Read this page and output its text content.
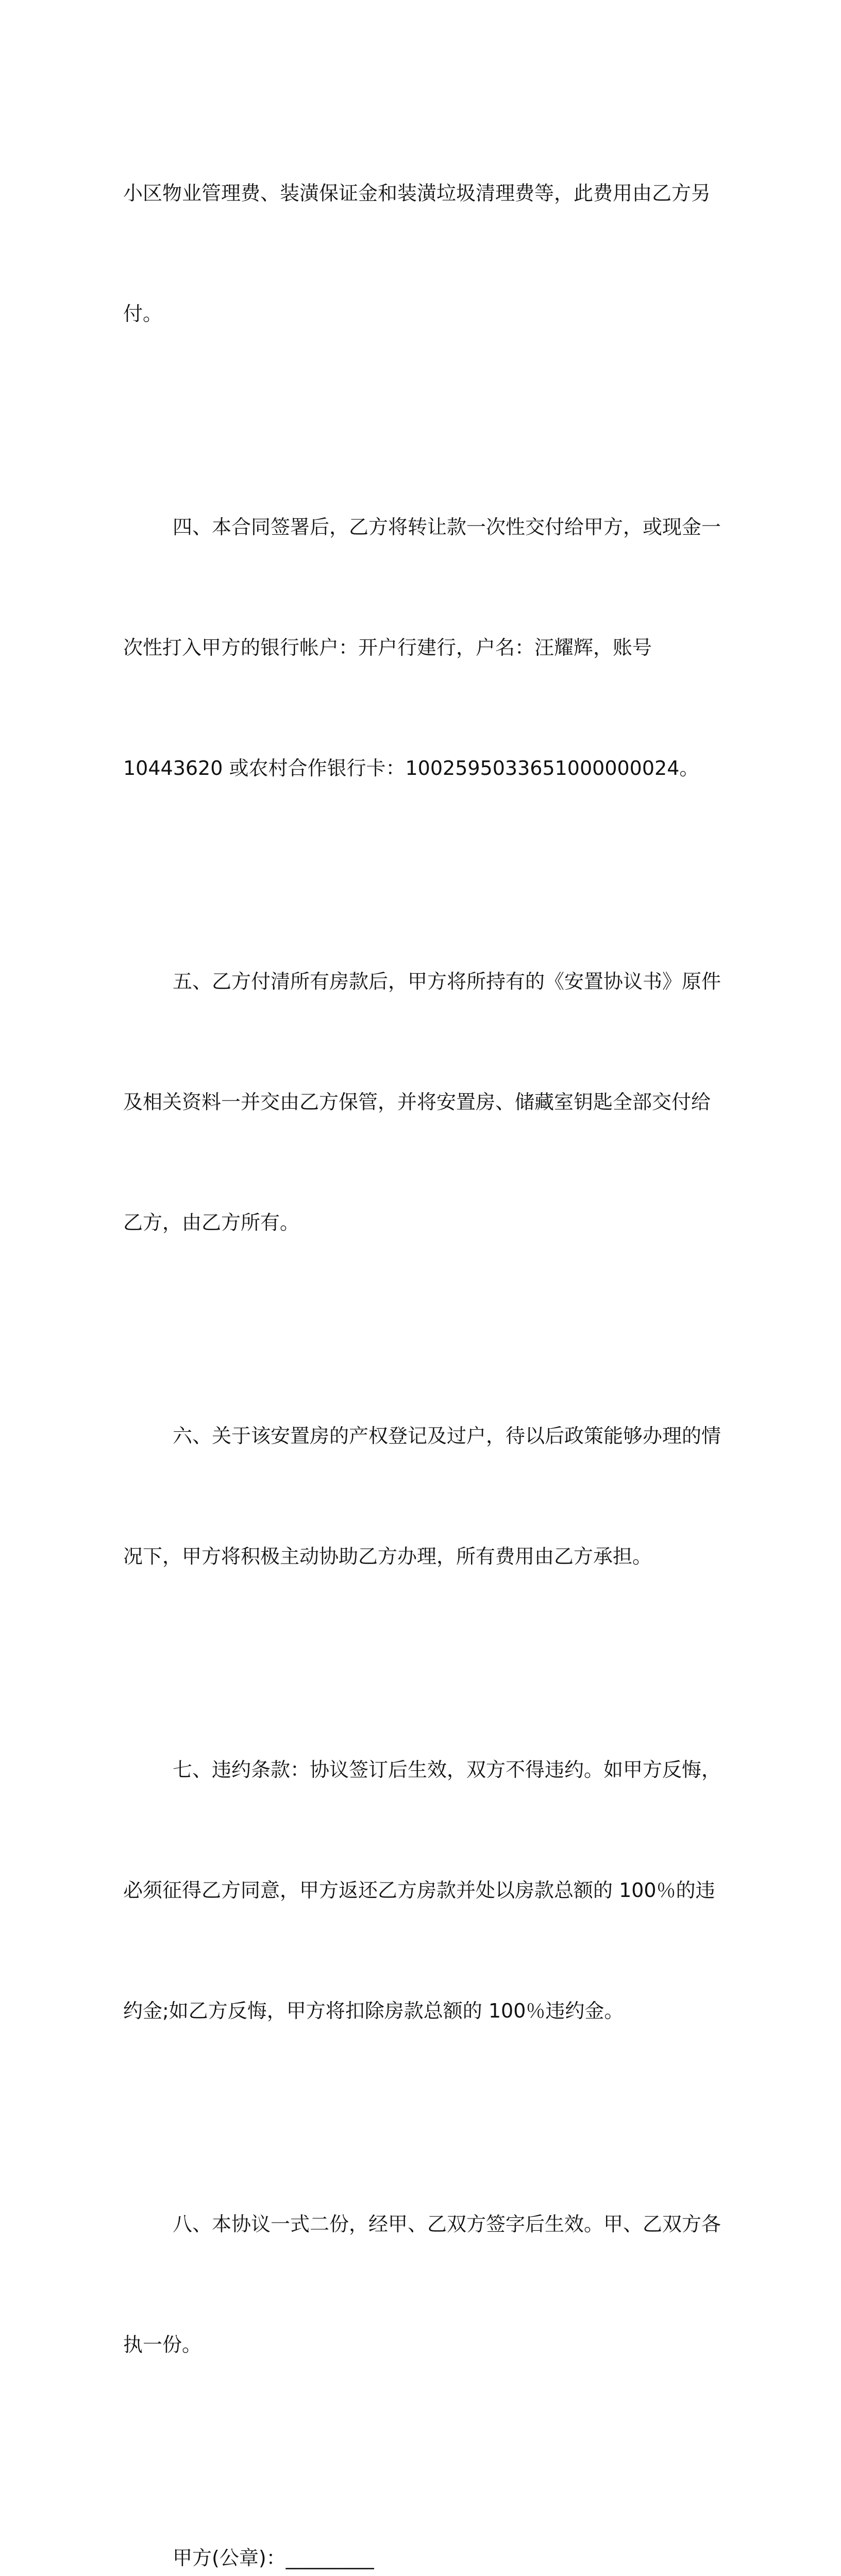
小区物业管理费、装潢保证金和装潢垃圾清理费等，此费用由乙方另

付。

四、本合同签署后，乙方将转让款一次性交付给甲方，或现金一

次性打入甲方的银行帐户：开户行建行，户名：汪耀辉，账号

10443620 或农村合作银行卡：1002595033651000000024。

五、乙方付清所有房款后，甲方将所持有的《安置协议书》原件

及相关资料一并交由乙方保管，并将安置房、储藏室钥匙全部交付给

乙方，由乙方所有。

六、关于该安置房的产权登记及过户，待以后政策能够办理的情

况下，甲方将积极主动协助乙方办理，所有费用由乙方承担。

七、违约条款：协议签订后生效，双方不得违约。如甲方反悔，

必须征得乙方同意，甲方返还乙方房款并处以房款总额的 100％的违

约金;如乙方反悔，甲方将扣除房款总额的 100％违约金。

八、本协议一式二份，经甲、乙双方签字后生效。甲、乙双方各

执一份。

甲方(公章)：_________
